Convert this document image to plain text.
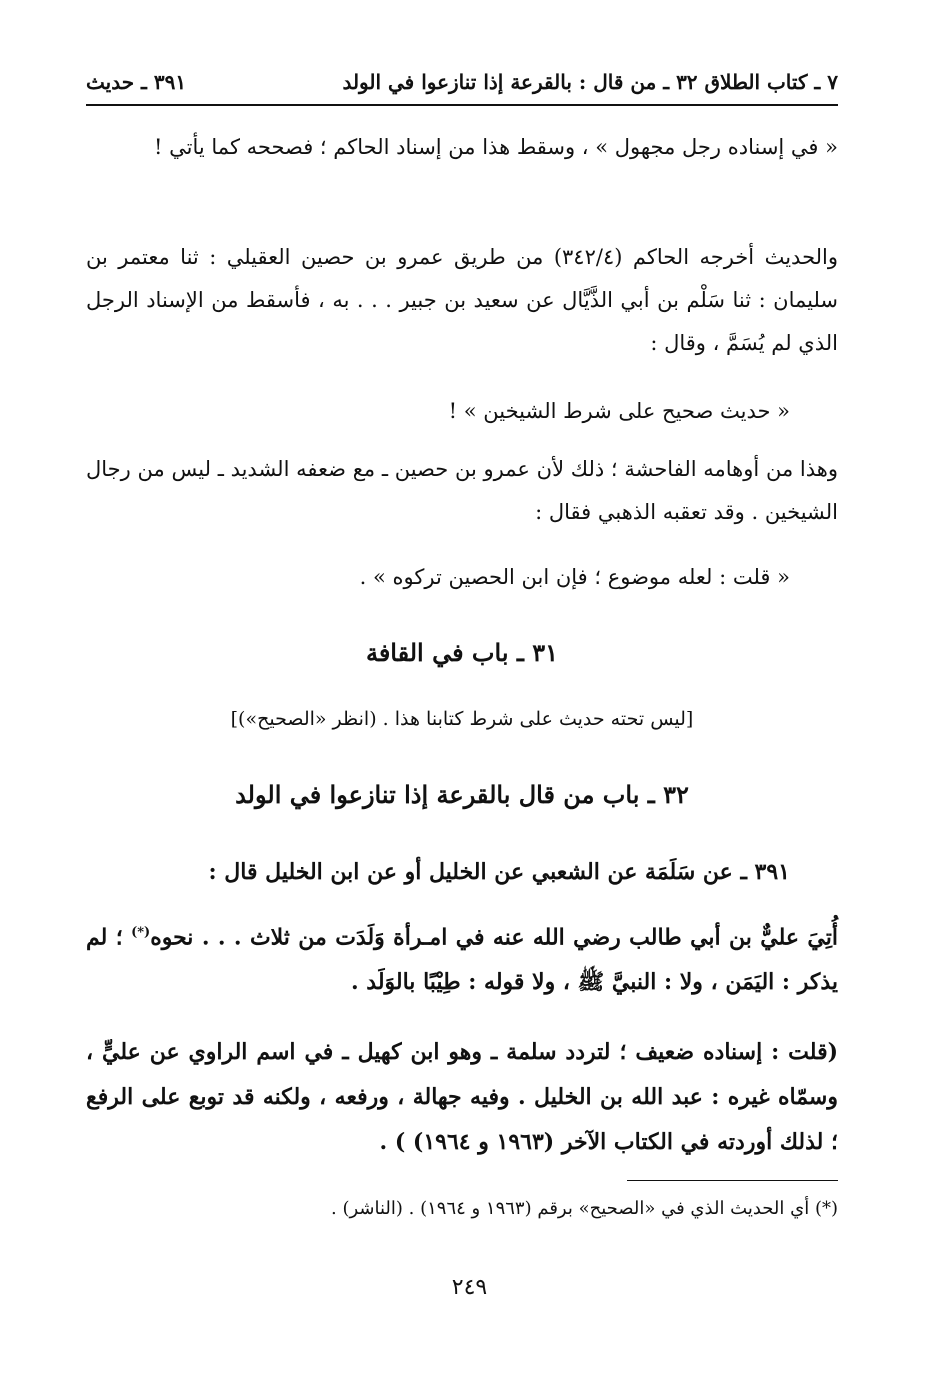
٧ ـ كتاب الطلاق ٣٢ ـ من قال : بالقرعة إذا تنازعوا في الولد
٣٩١ ـ حديث
« في إسناده رجل مجهول » ، وسقط هذا من إسناد الحاكم ؛ فصححه كما يأتي !
والحديث أخرجه الحاكم (٣٤٢/٤) من طريق عمرو بن حصين العقيلي : ثنا معتمر بن سليمان : ثنا سَلْم بن أبي الذَّيَّال عن سعيد بن جبير . . . به ، فأسقط من الإسناد الرجل الذي لم يُسَمَّ ، وقال :
« حديث صحيح على شرط الشيخين » !
وهذا من أوهامه الفاحشة ؛ ذلك لأن عمرو بن حصين ـ مع ضعفه الشديد ـ ليس من رجال الشيخين . وقد تعقبه الذهبي فقال :
« قلت : لعله موضوع ؛ فإن ابن الحصين تركوه » .
٣١ ـ باب في القافة
[ليس تحته حديث على شرط كتابنا هذا . (انظر «الصحيح»)]
٣٢ ـ باب من قال بالقرعة إذا تنازعوا في الولد
٣٩١ ـ عن سَلَمَة عن الشعبي عن الخليل أو عن ابن الخليل قال :
أُتِيَ عليٌّ بن أبي طالب رضي الله عنه في امـرأة وَلَدَت من ثلاث . . . نحوه(*) ؛ لم يذكر : اليَمَن ، ولا : النبيَّ ﷺ ، ولا قوله : طِيْبًا بالوَلَد .
(قلت : إسناده ضعيف ؛ لتردد سلمة ـ وهو ابن كهيل ـ في اسم الراوي عن عليٍّ ، وسمّاه غيره : عبد الله بن الخليل . وفيه جهالة ، ورفعه ، ولكنه قد توبع على الرفع ؛ لذلك أوردته في الكتاب الآخر (١٩٦٣ و ١٩٦٤) ) .
(*) أي الحديث الذي في «الصحيح» برقم (١٩٦٣ و ١٩٦٤) . (الناشر) .
٢٤٩
